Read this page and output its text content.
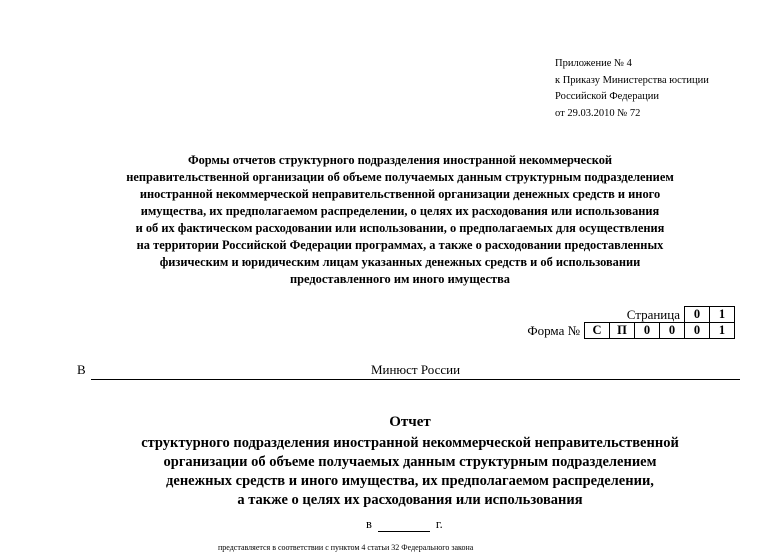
Приложение № 4
к Приказу Министерства юстиции
Российской Федерации
от 29.03.2010 № 72
Формы отчетов структурного подразделения иностранной некоммерческой
неправительственной организации об объеме получаемых данным структурным подразделением
иностранной некоммерческой неправительственной организации денежных средств и иного
имущества, их предполагаемом распределении, о целях их расходования или использования
и об их фактическом расходовании или использовании, о предполагаемых для осуществления
на территории Российской Федерации программах, а также о расходовании предоставленных
физическим и юридическим лицам указанных денежных средств и об использовании
предоставленного им иного имущества
Страница	0	1
Форма № С	П	0	0	0	1
В	Минюст России
Отчет
структурного подразделения иностранной некоммерческой неправительственной
организации об объеме получаемых данным структурным подразделением
денежных средств и иного имущества, их предполагаемом распределении,
а также о целях их расходования или использования
в	г.
представляется в соответствии с пунктом 4 статьи 32 Федерального закона
